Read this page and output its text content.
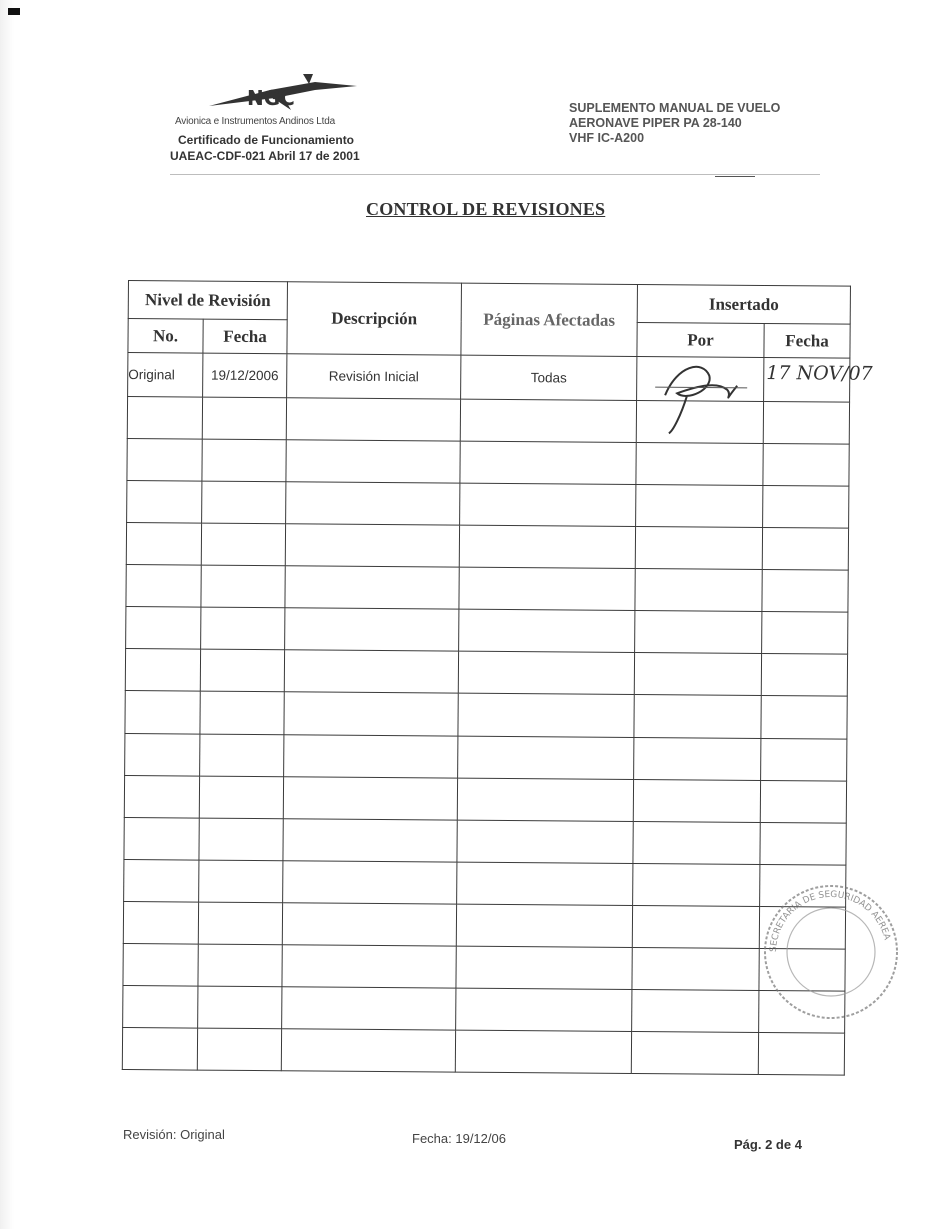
NGC
Avionica e Instrumentos Andinos Ltda
Certificado de Funcionamiento
UAEAC-CDF-021 Abril 17 de 2001
SUPLEMENTO MANUAL DE VUELO
AERONAVE PIPER PA 28-140
VHF IC-A200
CONTROL DE REVISIONES
Nivel de Revisión		Descripción	Páginas Afectadas	Insertado	
No.	Fecha			Por	Fecha
Original	19/12/2006	Revisión Inicial	Todas		17 NOV/07

SECRETARIA DE SEGURIDAD AEREA
Revisión: Original	Fecha: 19/12/06	Pág. 2 de 4
